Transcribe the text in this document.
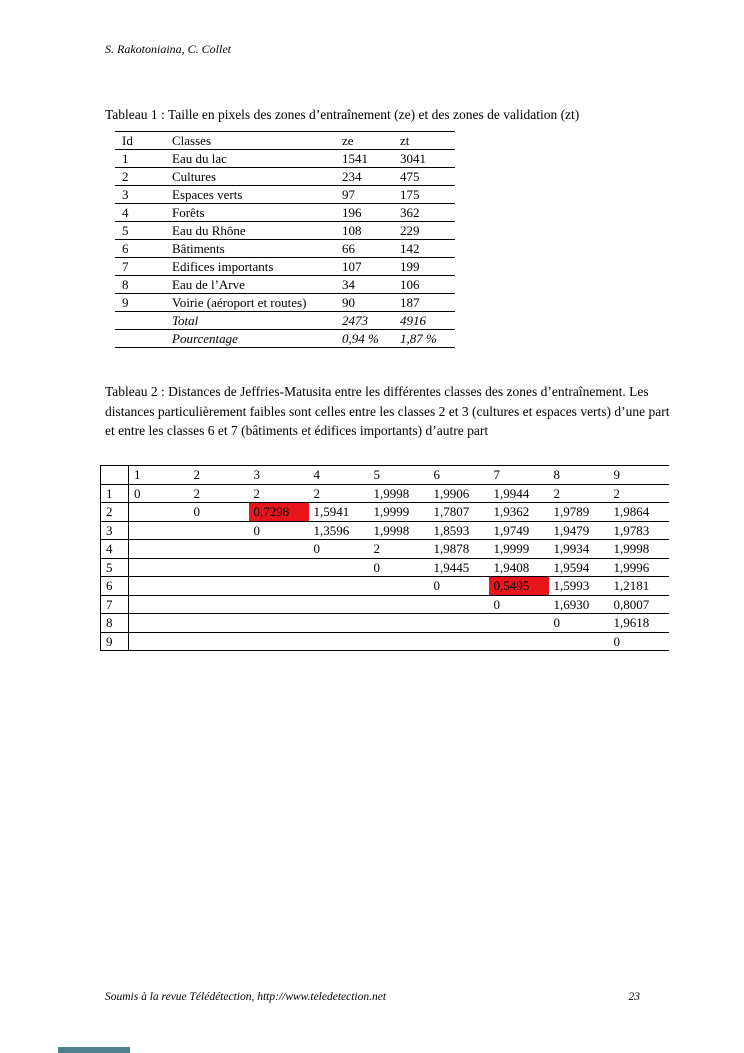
S. Rakotoniaina, C. Collet
Tableau 1 : Taille en pixels des zones d’entraînement (ze) et des zones de validation (zt)
Id	Classes	ze	zt
1	Eau du lac	1541	3041
2	Cultures	234	475
3	Espaces verts	97	175
4	Forêts	196	362
5	Eau du Rhône	108	229
6	Bâtiments	66	142
7	Edifices importants	107	199
8	Eau de l’Arve	34	106
9	Voirie (aéroport et routes)	90	187
	Total	2473	4916
	Pourcentage	0,94 %	1,87 %
Tableau 2 : Distances de Jeffries-Matusita entre les différentes classes des zones d’entraînement. Les distances particulièrement faibles sont celles entre les classes 2 et 3 (cultures et espaces verts) d’une part et entre les classes 6 et 7 (bâtiments et édifices importants) d’autre part
	1	2	3	4	5	6	7	8	9
1	0	2	2	2	1,9998	1,9906	1,9944	2	2
2		0	0,7298	1,5941	1,9999	1,7807	1,9362	1,9789	1,9864
3			0	1,3596	1,9998	1,8593	1,9749	1,9479	1,9783
4				0	2	1,9878	1,9999	1,9934	1,9998
5					0	1,9445	1,9408	1,9594	1,9996
6						0	0,5495	1,5993	1,2181
7							0	1,6930	0,8007
8								0	1,9618
9									0
Soumis à la revue Télédétection, http://www.teledetection.net	23
